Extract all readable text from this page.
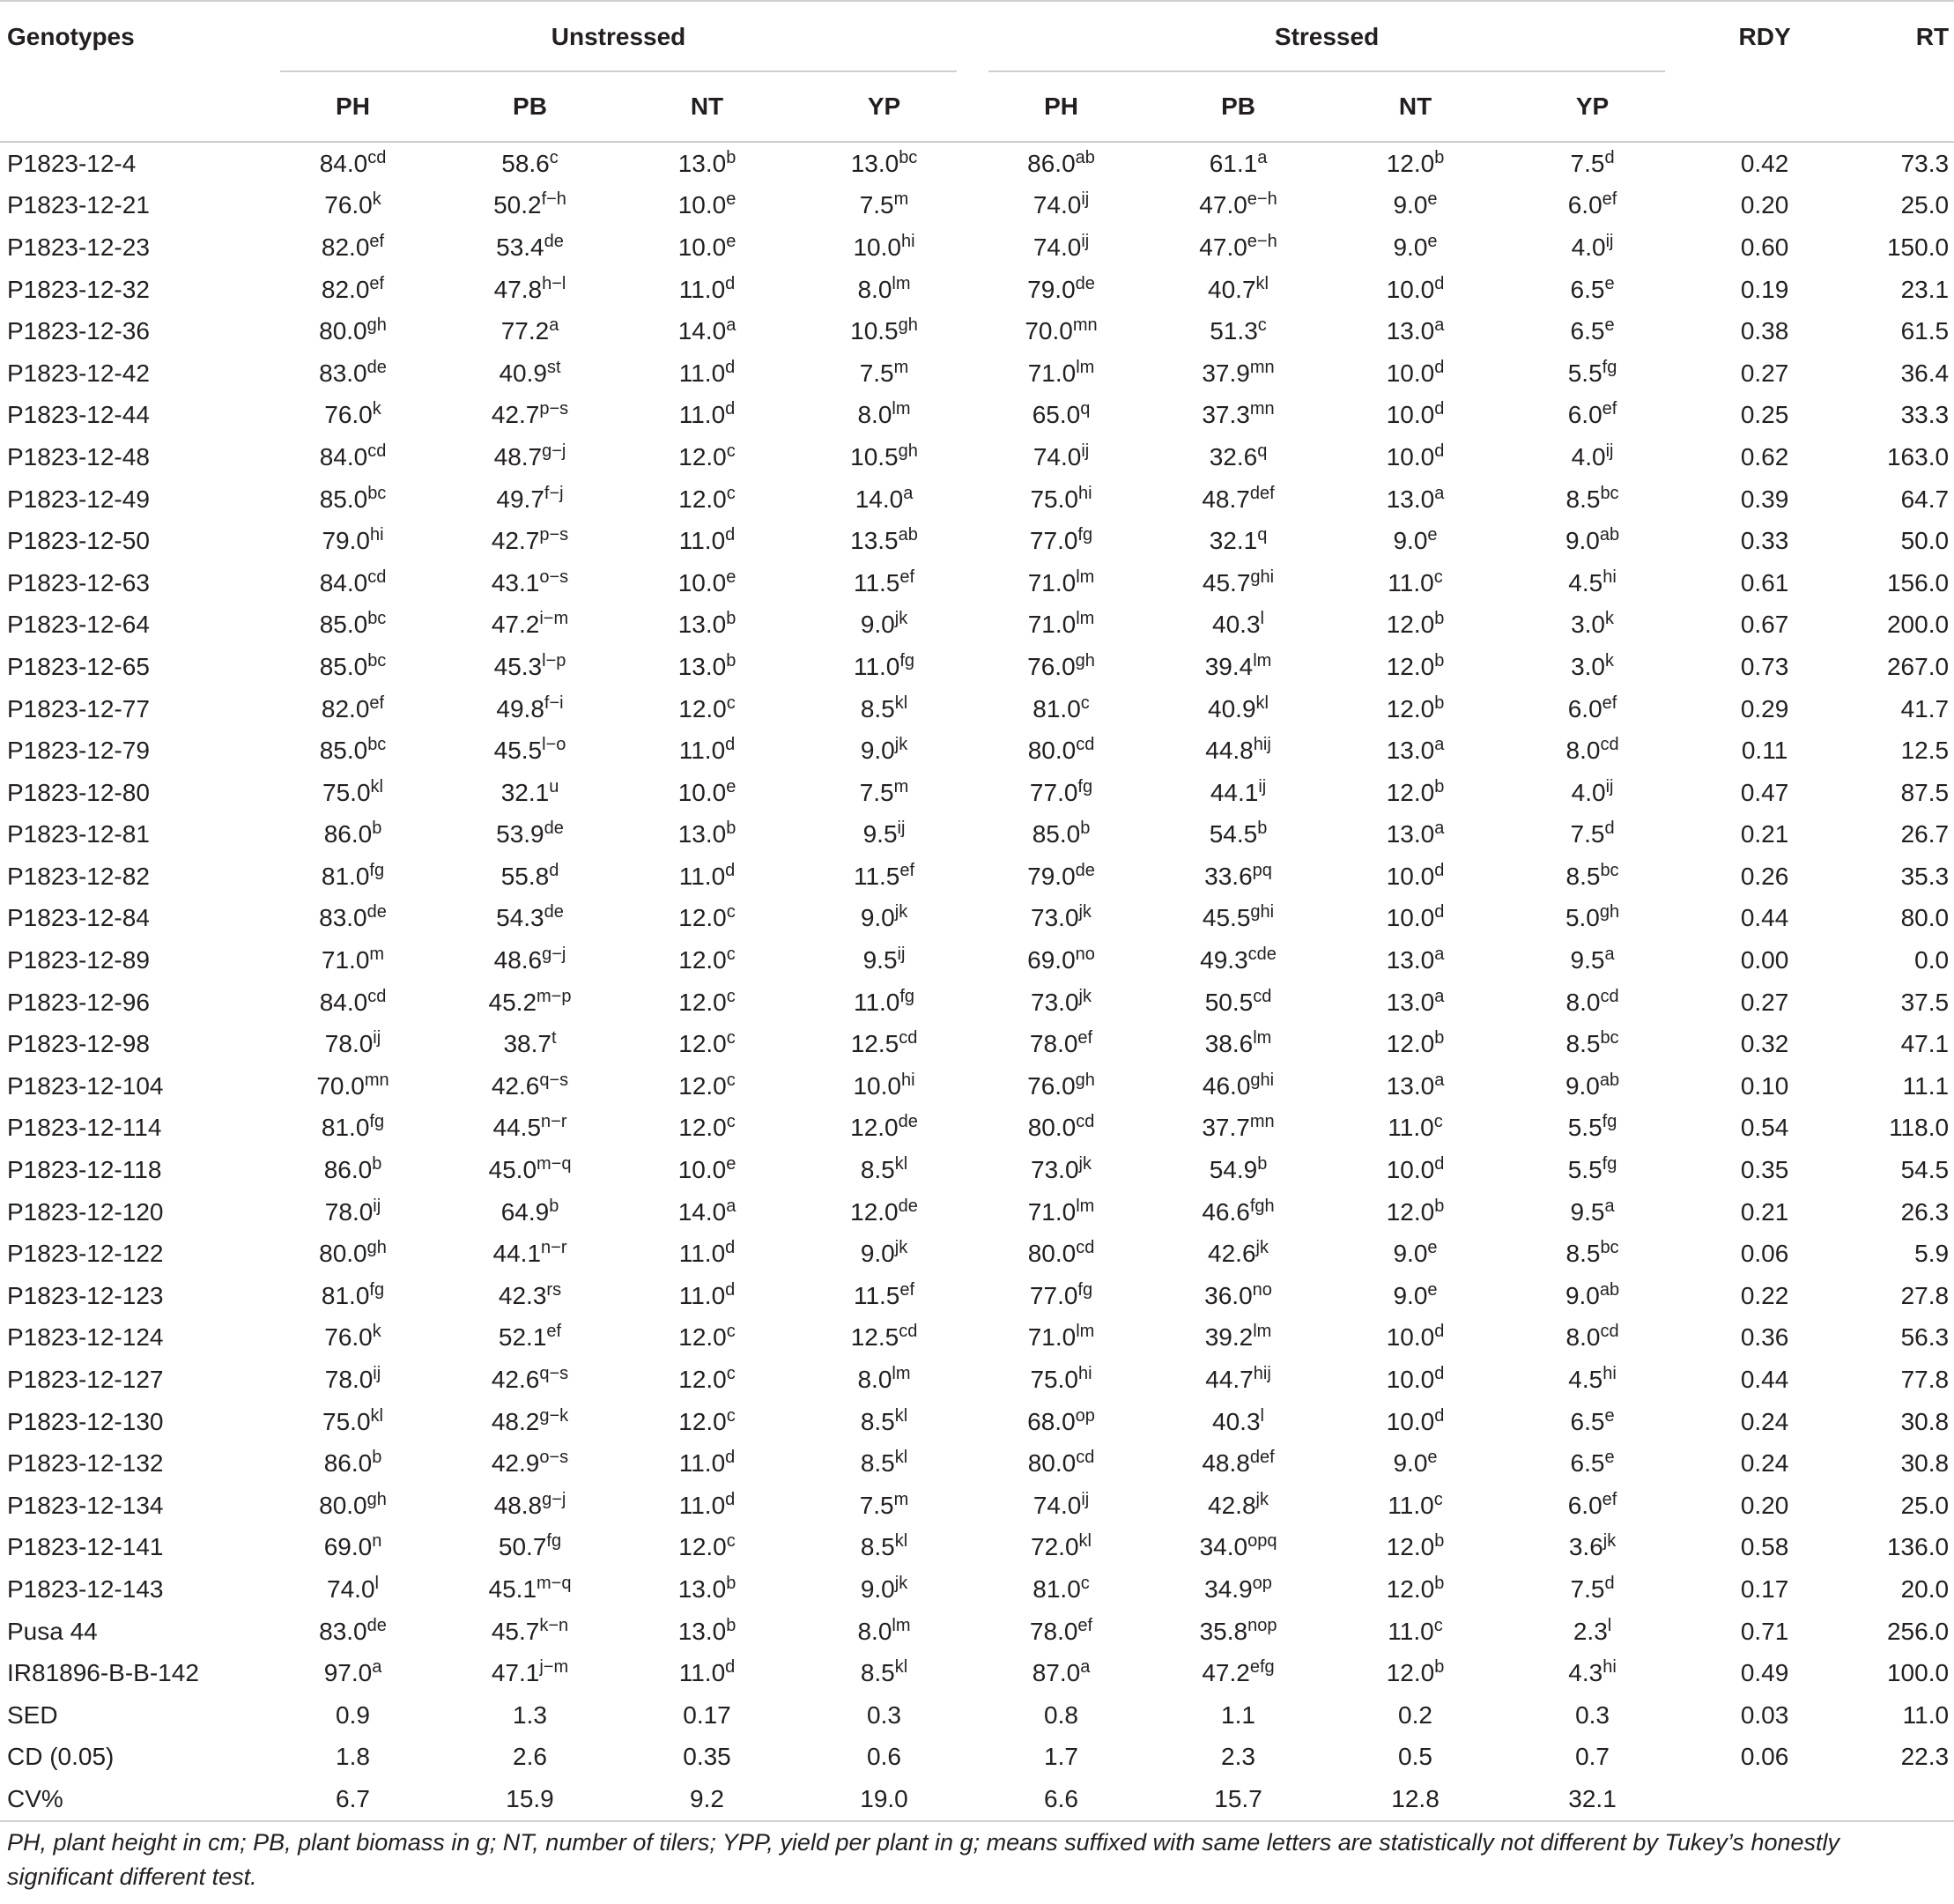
Genotypes	Unstressed				Stressed				RDY	RT
	PH	PB	NT	YP	PH	PB	NT	YP		
P1823-12-4	84.0$^{cd}$	58.6$^c$	13.0$^b$	13.0$^{bc}$	86.0$^{ab}$	61.1$^a$	12.0$^b$	7.5$^d$	0.42	73.3
P1823-12-21	76.0$^k$	$50.2^{f-h}$	10.0e	7.5$^m$	$74.0^{ij}$	$47.0^{e-h}$	9.0e	6.0$^{ef}$	0.20	25.0
P1823-12-23	82.0$^{ef}$	53.4de	10.0e	$10.0^{hi}$	$74.0^{ij}$	$47.0^{e-h}$	9.0e	$4.0^{ij}$	0.60	150.0
P1823-12-32	82.0$^{ef}$	$47.8^{h-l}$	11.0$^d$	$8.0^{lm}$	79.0de	$40.7^{kl}$	10.0$^d$	6.5e	0.19	23.1
P1823-12-36	80.0$^{gh}$	77.2$^a$	14.0$^a$	10.5$^{gh}$	$70.0^{mn}$	51.3$^c$	13.0$^a$	6.5e	0.38	61.5
P1823-12-42	83.0de	40.9st	11.0$^d$	7.5$^m$	$71.0^{lm}$	$37.9^{mn}$	10.0$^d$	5.5$^{fg}$	0.27	36.4
P1823-12-44	76.0$^k$	$42.7^{p-s}$	11.0$^d$	$8.0^{lm}$	65.0$^q$	$37.3^{mn}$	10.0$^d$	6.0$^{ef}$	0.25	33.3
P1823-12-48	84.0$^{cd}$	$48.7^{g-j}$	12.0$^c$	10.5$^{gh}$	$74.0^{ij}$	32.6$^q$	10.0$^d$	$4.0^{ij}$	0.62	163.0
P1823-12-49	85.0$^{bc}$	$49.7^{f-j}$	12.0$^c$	14.0$^a$	$75.0^{hi}$	48.7$^{def}$	13.0$^a$	8.5$^{bc}$	0.39	64.7
P1823-12-50	$79.0^{hi}$	$42.7^{p-s}$	11.0$^d$	13.5$^{ab}$	77.0$^{fg}$	32.1$^q$	9.0e	9.0$^{ab}$	0.33	50.0
P1823-12-63	84.0$^{cd}$	$43.1^{o-s}$	10.0e	11.5$^{ef}$	$71.0^{lm}$	$45.7^{ghi}$	11.0$^c$	$4.5^{hi}$	0.61	156.0
P1823-12-64	85.0$^{bc}$	$47.2^{i-m}$	13.0$^b$	$9.0^{jk}$	$71.0^{lm}$	40.3$^l$	12.0$^b$	3.0$^k$	0.67	200.0
P1823-12-65	85.0$^{bc}$	$45.3^{l-p}$	13.0$^b$	11.0$^{fg}$	76.0$^{gh}$	$39.4^{lm}$	12.0$^b$	3.0$^k$	0.73	267.0
P1823-12-77	82.0$^{ef}$	$49.8^{f-i}$	12.0$^c$	$8.5^{kl}$	81.0$^c$	$40.9^{kl}$	12.0$^b$	6.0$^{ef}$	0.29	41.7
P1823-12-79	85.0$^{bc}$	$45.5^{l-o}$	11.0$^d$	$9.0^{jk}$	80.0$^{cd}$	$44.8^{hij}$	13.0$^a$	8.0$^{cd}$	0.11	12.5
P1823-12-80	$75.0^{kl}$	32.1$^u$	10.0e	7.5$^m$	77.0$^{fg}$	$44.1^{ij}$	12.0$^b$	$4.0^{ij}$	0.47	87.5
P1823-12-81	86.0$^b$	53.9de	13.0$^b$	$9.5^{ij}$	85.0$^b$	54.5$^b$	13.0$^a$	7.5$^d$	0.21	26.7
P1823-12-82	81.0$^{fg}$	55.8$^d$	11.0$^d$	11.5$^{ef}$	79.0de	$33.6^{pq}$	10.0$^d$	8.5$^{bc}$	0.26	35.3
P1823-12-84	83.0de	54.3de	12.0$^c$	$9.0^{jk}$	$73.0^{jk}$	$45.5^{ghi}$	10.0$^d$	5.0$^{gh}$	0.44	80.0
P1823-12-89	71.0$^m$	$48.6^{g-j}$	12.0$^c$	$9.5^{ij}$	$69.0^{no}$	49.3$^{cde}$	13.0$^a$	9.5$^a$	0.00	0.0
P1823-12-96	84.0$^{cd}$	$45.2^{m-p}$	12.0$^c$	11.0$^{fg}$	$73.0^{jk}$	50.5$^{cd}$	13.0$^a$	8.0$^{cd}$	0.27	37.5
P1823-12-98	$78.0^{ij}$	38.7$^t$	12.0$^c$	12.5$^{cd}$	78.0$^{ef}$	$38.6^{lm}$	12.0$^b$	8.5$^{bc}$	0.32	47.1
P1823-12-104	$70.0^{mn}$	$42.6^{q-s}$	12.0$^c$	$10.0^{hi}$	76.0$^{gh}$	$46.0^{ghi}$	13.0$^a$	9.0$^{ab}$	0.10	11.1
P1823-12-114	81.0$^{fg}$	$44.5^{n-r}$	12.0$^c$	12.0de	80.0$^{cd}$	$37.7^{mn}$	11.0$^c$	5.5$^{fg}$	0.54	118.0
P1823-12-118	86.0$^b$	$45.0^{m-q}$	10.0e	$8.5^{kl}$	$73.0^{jk}$	54.9$^b$	10.0$^d$	5.5$^{fg}$	0.35	54.5
P1823-12-120	$78.0^{ij}$	64.9$^b$	14.0$^a$	12.0de	$71.0^{lm}$	46.6$^{fgh}$	12.0$^b$	9.5$^a$	0.21	26.3
P1823-12-122	80.0$^{gh}$	$44.1^{n-r}$	11.0$^d$	$9.0^{jk}$	80.0$^{cd}$	$42.6^{jk}$	9.0e	8.5$^{bc}$	0.06	5.9
P1823-12-123	81.0$^{fg}$	$42.3^{rs}$	11.0$^d$	11.5$^{ef}$	77.0$^{fg}$	$36.0^{no}$	9.0e	9.0$^{ab}$	0.22	27.8
P1823-12-124	76.0$^k$	52.1$^{ef}$	12.0$^c$	12.5$^{cd}$	$71.0^{lm}$	$39.2^{lm}$	10.0$^d$	8.0$^{cd}$	0.36	56.3
P1823-12-127	$78.0^{ij}$	$42.6^{q-s}$	12.0$^c$	$8.0^{lm}$	$75.0^{hi}$	$44.7^{hij}$	10.0$^d$	$4.5^{hi}$	0.44	77.8
P1823-12-130	$75.0^{kl}$	$48.2^{g-k}$	12.0$^c$	$8.5^{kl}$	$68.0^{op}$	40.3$^l$	10.0$^d$	6.5e	0.24	30.8
P1823-12-132	86.0$^b$	$42.9^{o-s}$	11.0$^d$	$8.5^{kl}$	80.0$^{cd}$	48.8$^{def}$	9.0e	6.5e	0.24	30.8
P1823-12-134	80.0$^{gh}$	$48.8^{g-j}$	11.0$^d$	7.5$^m$	$74.0^{ij}$	$42.8^{jk}$	11.0$^c$	6.0$^{ef}$	0.20	25.0
P1823-12-141	69.0$^n$	50.7$^{fg}$	12.0$^c$	$8.5^{kl}$	$72.0^{kl}$	$34.0^{opq}$	12.0$^b$	$3.6^{jk}$	0.58	136.0
P1823-12-143	74.0$^l$	$45.1^{m-q}$	13.0$^b$	$9.0^{jk}$	81.0$^c$	$34.9^{op}$	12.0$^b$	7.5$^d$	0.17	20.0
Pusa 44	83.0de	$45.7^{k-n}$	13.0$^b$	$8.0^{lm}$	78.0$^{ef}$	$35.8^{nop}$	11.0$^c$	2.3$^l$	0.71	256.0
IR81896-B-B-142	97.0$^a$	$47.1^{j-m}$	11.0$^d$	$8.5^{kl}$	87.0$^a$	47.2$^{efg}$	12.0$^b$	$4.3^{hi}$	0.49	100.0
SED	0.9	1.3	0.17	0.3	0.8	1.1	0.2	0.3	0.03	11.0
CD (0.05)	1.8	2.6	0.35	0.6	1.7	2.3	0.5	0.7	0.06	22.3
CV%	6.7	15.9	9.2	19.0	6.6	15.7	12.8	32.1		
PH, plant height in cm; PB, plant biomass in g; NT, number of tilers; YPP, yield per plant in g; means suffixed with same letters are statistically not different by Tukey’s honestly significant different test.
